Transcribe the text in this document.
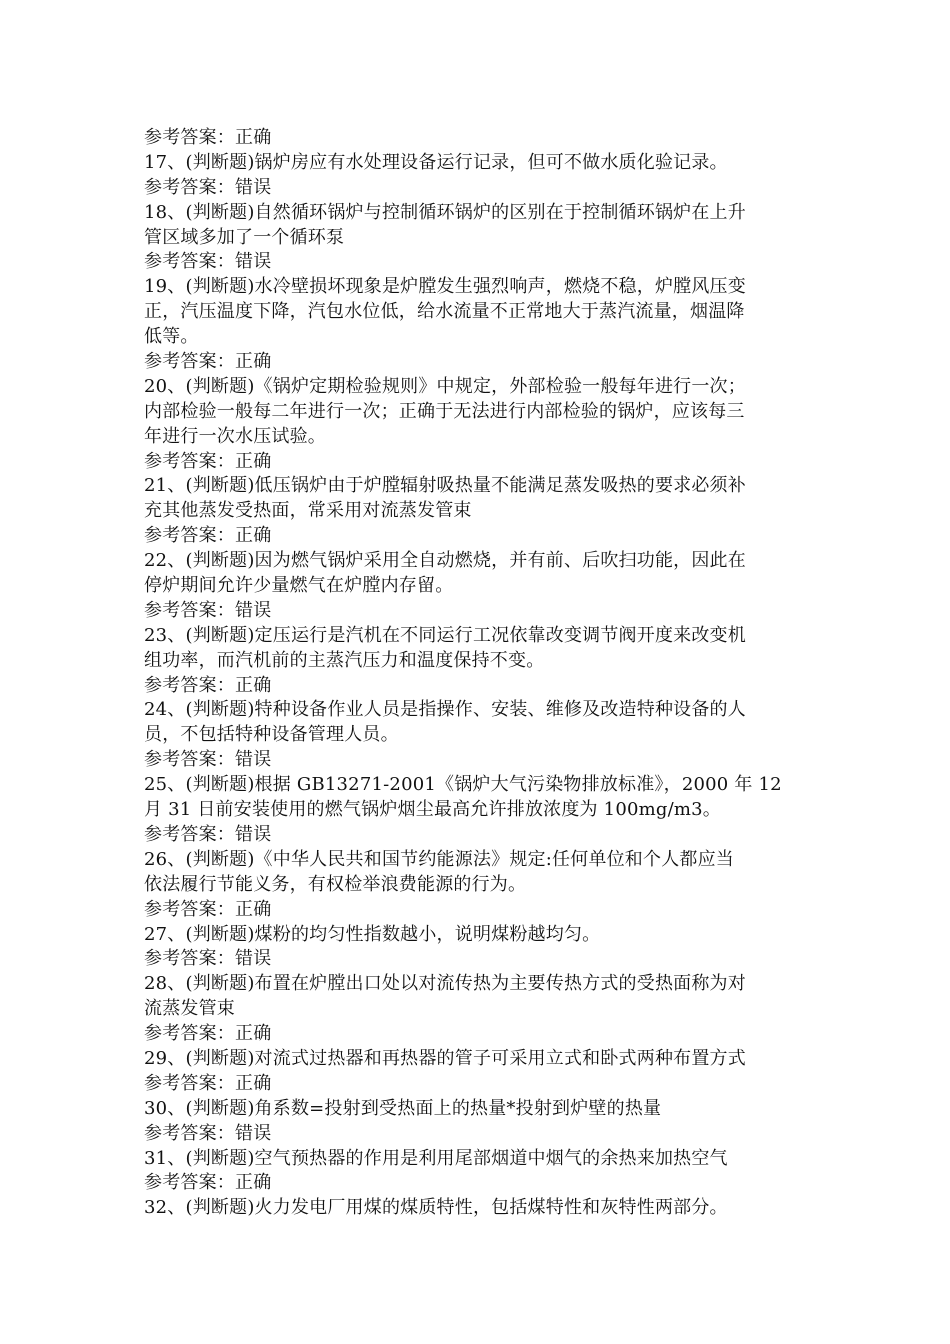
参考答案：正确
17、(判断题)锅炉房应有水处理设备运行记录，但可不做水质化验记录。
参考答案：错误
18、(判断题)自然循环锅炉与控制循环锅炉的区别在于控制循环锅炉在上升
管区域多加了一个循环泵
参考答案：错误
19、(判断题)水冷壁损坏现象是炉膛发生强烈响声，燃烧不稳，炉膛风压变
正，汽压温度下降，汽包水位低，给水流量不正常地大于蒸汽流量，烟温降
低等。
参考答案：正确
20、(判断题)《锅炉定期检验规则》中规定，外部检验一般每年进行一次；
内部检验一般每二年进行一次；正确于无法进行内部检验的锅炉，应该每三
年进行一次水压试验。
参考答案：正确
21、(判断题)低压锅炉由于炉膛辐射吸热量不能满足蒸发吸热的要求必须补
充其他蒸发受热面，常采用对流蒸发管束
参考答案：正确
22、(判断题)因为燃气锅炉采用全自动燃烧，并有前、后吹扫功能，因此在
停炉期间允许少量燃气在炉膛内存留。
参考答案：错误
23、(判断题)定压运行是汽机在不同运行工况依靠改变调节阀开度来改变机
组功率，而汽机前的主蒸汽压力和温度保持不变。
参考答案：正确
24、(判断题)特种设备作业人员是指操作、安装、维修及改造特种设备的人
员，不包括特种设备管理人员。
参考答案：错误
25、(判断题)根据 GB13271-2001《锅炉大气污染物排放标准》，2000 年 12
月 31 日前安装使用的燃气锅炉烟尘最高允许排放浓度为 100mg/m3。
参考答案：错误
26、(判断题)《中华人民共和国节约能源法》规定:任何单位和个人都应当
依法履行节能义务，有权检举浪费能源的行为。
参考答案：正确
27、(判断题)煤粉的均匀性指数越小，说明煤粉越均匀。
参考答案：错误
28、(判断题)布置在炉膛出口处以对流传热为主要传热方式的受热面称为对
流蒸发管束
参考答案：正确
29、(判断题)对流式过热器和再热器的管子可采用立式和卧式两种布置方式
参考答案：正确
30、(判断题)角系数=投射到受热面上的热量*投射到炉壁的热量
参考答案：错误
31、(判断题)空气预热器的作用是利用尾部烟道中烟气的余热来加热空气
参考答案：正确
32、(判断题)火力发电厂用煤的煤质特性，包括煤特性和灰特性两部分。
